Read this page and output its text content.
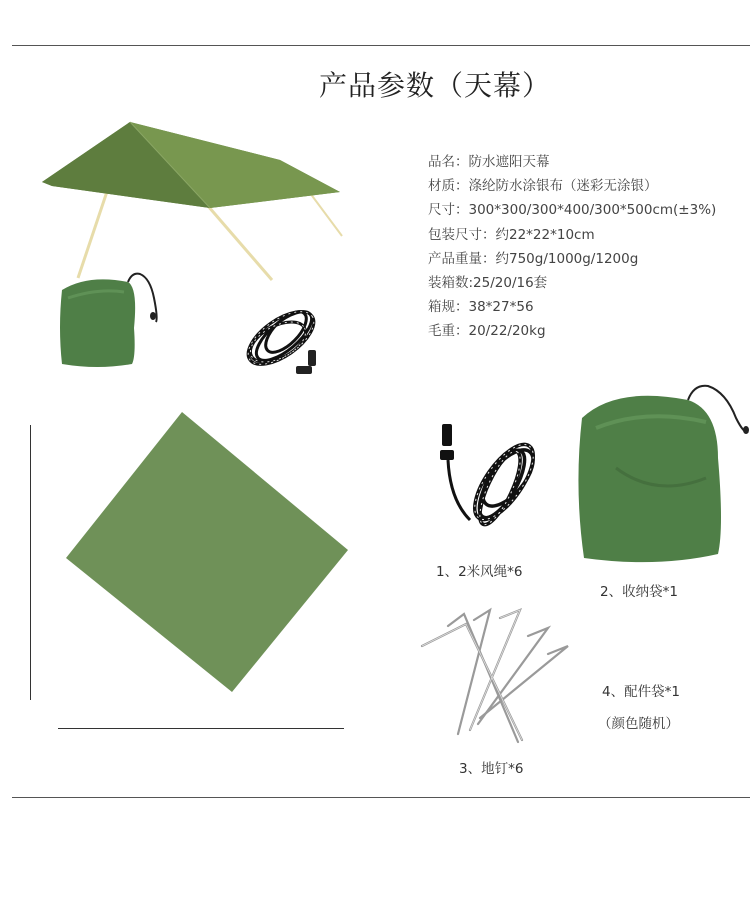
产品参数（天幕）
品名：防水遮阳天幕
材质：涤纶防水涂银布（迷彩无涂银）
尺寸：300*300/300*400/300*500cm(±3%)
包装尺寸：约22*22*10cm
产品重量：约750g/1000g/1200g
装箱数:25/20/16套
箱规：38*27*56
毛重：20/22/20kg
1、2米风绳*6
2、收纳袋*1
3、地钉*6
4、配件袋*1
（颜色随机）
